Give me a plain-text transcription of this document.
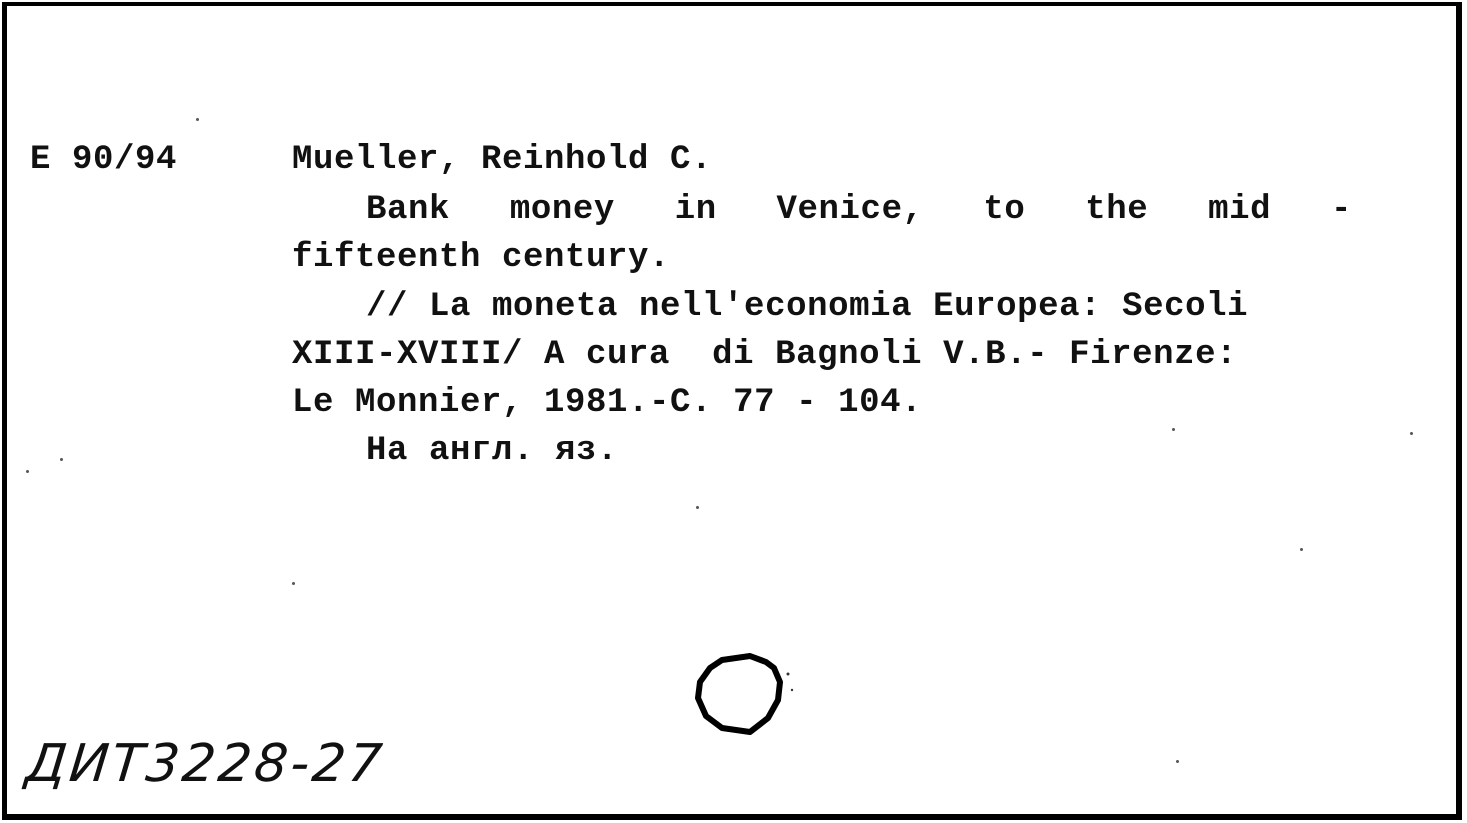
E 90/94	Mueller, Reinhold C.
Bank money in Venice, to the mid -
fifteenth century.
// La moneta nell'economia Europea: Secoli
XIII-XVIII/ A cura  di Bagnoli V.B.- Firenze:
Le Monnier, 1981.-C. 77 - 104.
На англ. яз.
ДИТ3228-27
